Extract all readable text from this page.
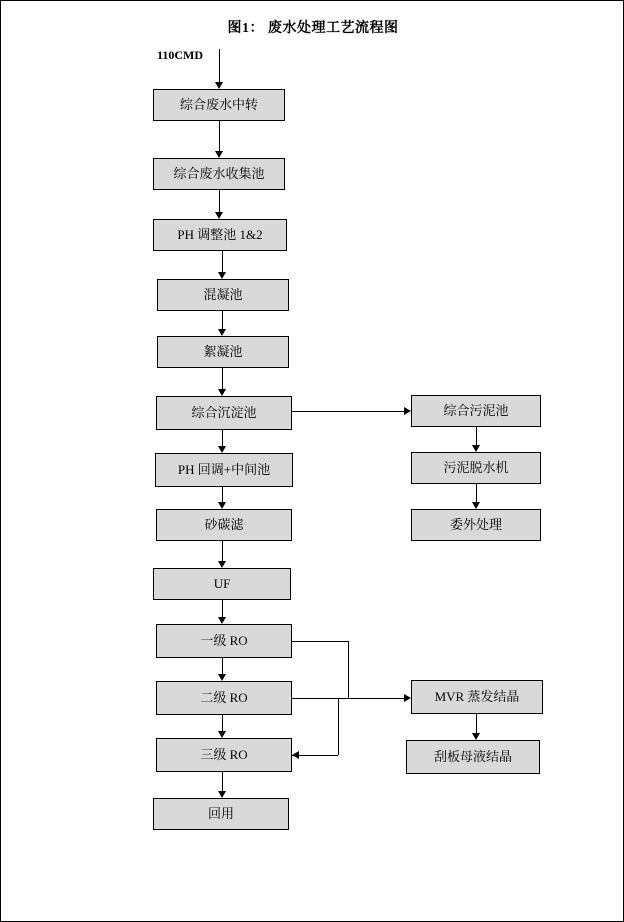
图1： 废水处理工艺流程图
110CMD
综合废水中转
综合废水收集池
PH 调整池 1&2
混凝池
絮凝池
综合沉淀池
PH 回调+中间池
砂碳滤
UF
一级 RO
二级 RO
三级 RO
回用
综合污泥池
污泥脱水机
委外处理
MVR 蒸发结晶
刮板母液结晶
